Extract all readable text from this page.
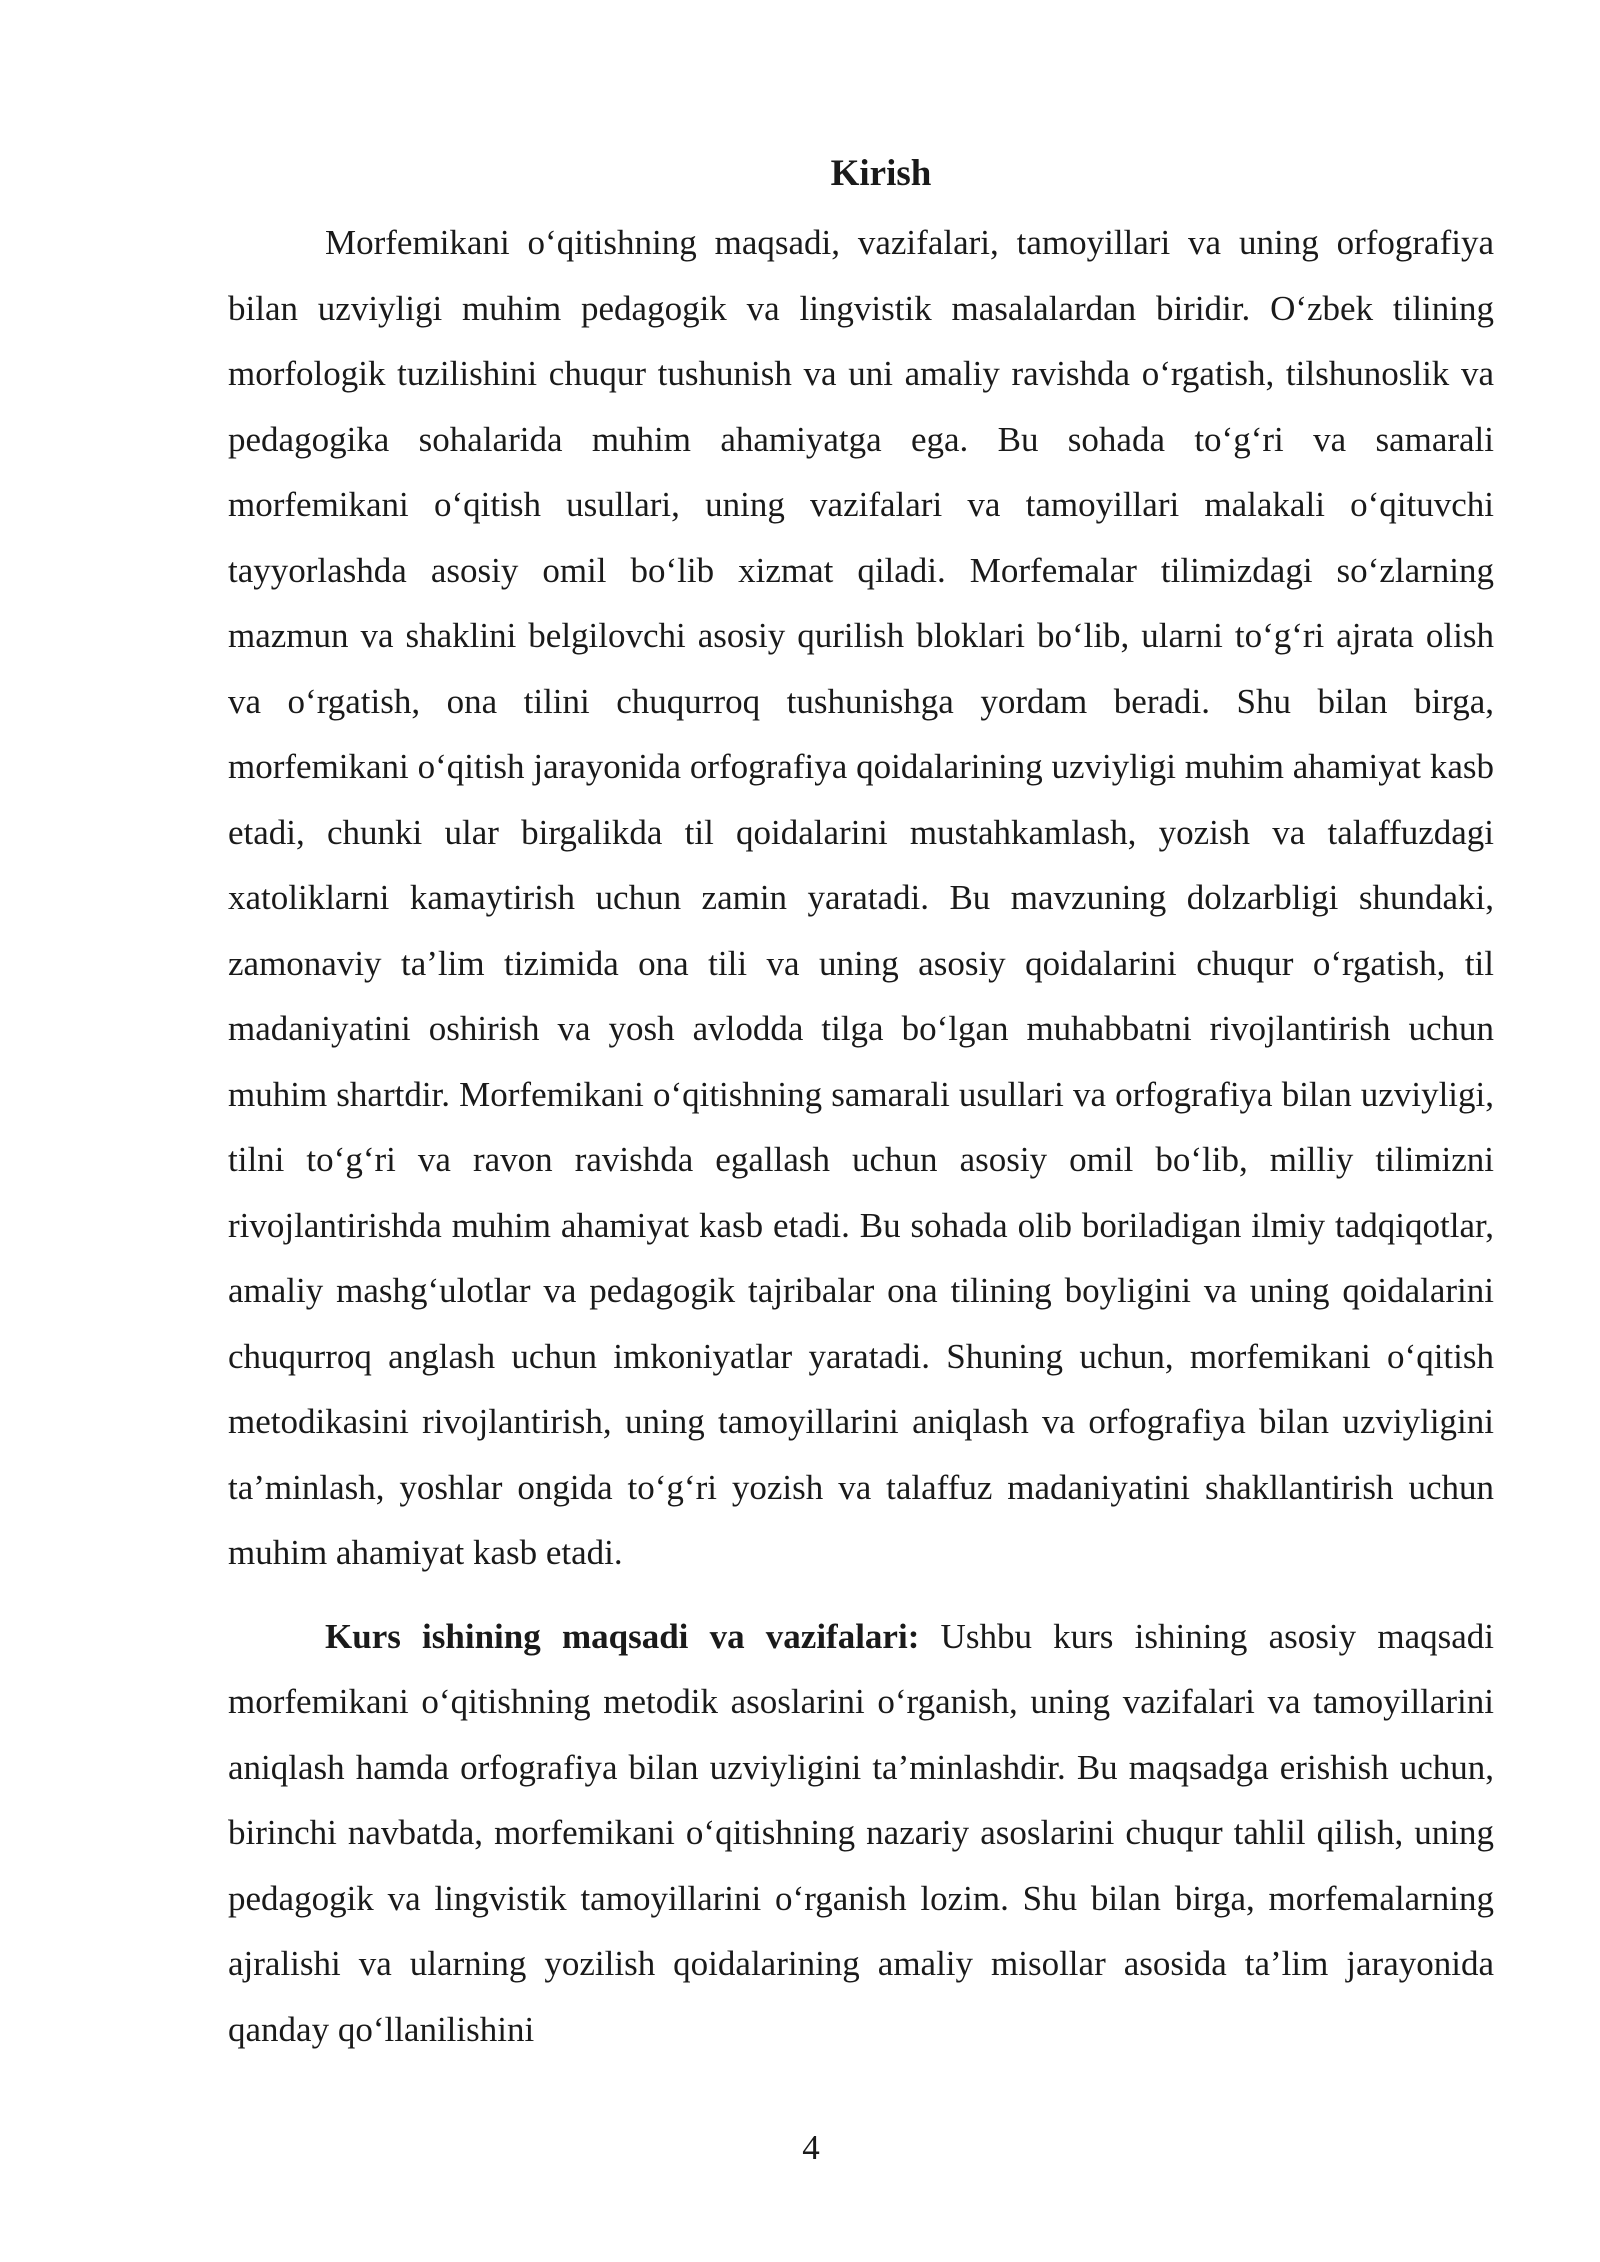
Kirish

Morfemikani o‘qitishning maqsadi, vazifalari, tamoyillari va uning orfografiya bilan uzviyligi muhim pedagogik va lingvistik masalalardan biridir. O‘zbek tilining morfologik tuzilishini chuqur tushunish va uni amaliy ravishda o‘rgatish, tilshunoslik va pedagogika sohalarida muhim ahamiyatga ega. Bu sohada to‘g‘ri va samarali morfemikani o‘qitish usullari, uning vazifalari va tamoyillari malakali o‘qituvchi tayyorlashda asosiy omil bo‘lib xizmat qiladi. Morfemalar tilimizdagi so‘zlarning mazmun va shaklini belgilovchi asosiy qurilish bloklari bo‘lib, ularni to‘g‘ri ajrata olish va o‘rgatish, ona tilini chuqurroq tushunishga yordam beradi. Shu bilan birga, morfemikani o‘qitish jarayonida orfografiya qoidalarining uzviyligi muhim ahamiyat kasb etadi, chunki ular birgalikda til qoidalarini mustahkamlash, yozish va talaffuzdagi xatoliklarni kamaytirish uchun zamin yaratadi. Bu mavzuning dolzarbligi shundaki, zamonaviy ta’lim tizimida ona tili va uning asosiy qoidalarini chuqur o‘rgatish, til madaniyatini oshirish va yosh avlodda tilga bo‘lgan muhabbatni rivojlantirish uchun muhim shartdir. Morfemikani o‘qitishning samarali usullari va orfografiya bilan uzviyligi, tilni to‘g‘ri va ravon ravishda egallash uchun asosiy omil bo‘lib, milliy tilimizni rivojlantirishda muhim ahamiyat kasb etadi. Bu sohada olib boriladigan ilmiy tadqiqotlar, amaliy mashg‘ulotlar va pedagogik tajribalar ona tilining boyligini va uning qoidalarini chuqurroq anglash uchun imkoniyatlar yaratadi. Shuning uchun, morfemikani o‘qitish metodikasini rivojlantirish, uning tamoyillarini aniqlash va orfografiya bilan uzviyligini ta’minlash, yoshlar ongida to‘g‘ri yozish va talaffuz madaniyatini shakllantirish uchun muhim ahamiyat kasb etadi.

Kurs ishining maqsadi va vazifalari: Ushbu kurs ishining asosiy maqsadi morfemikani o‘qitishning metodik asoslarini o‘rganish, uning vazifalari va tamoyillarini aniqlash hamda orfografiya bilan uzviyligini ta’minlashdir. Bu maqsadga erishish uchun, birinchi navbatda, morfemikani o‘qitishning nazariy asoslarini chuqur tahlil qilish, uning pedagogik va lingvistik tamoyillarini o‘rganish lozim. Shu bilan birga, morfemalarning ajralishi va ularning yozilish qoidalarining amaliy misollar asosida ta’lim jarayonida qanday qo‘llanilishini

4
